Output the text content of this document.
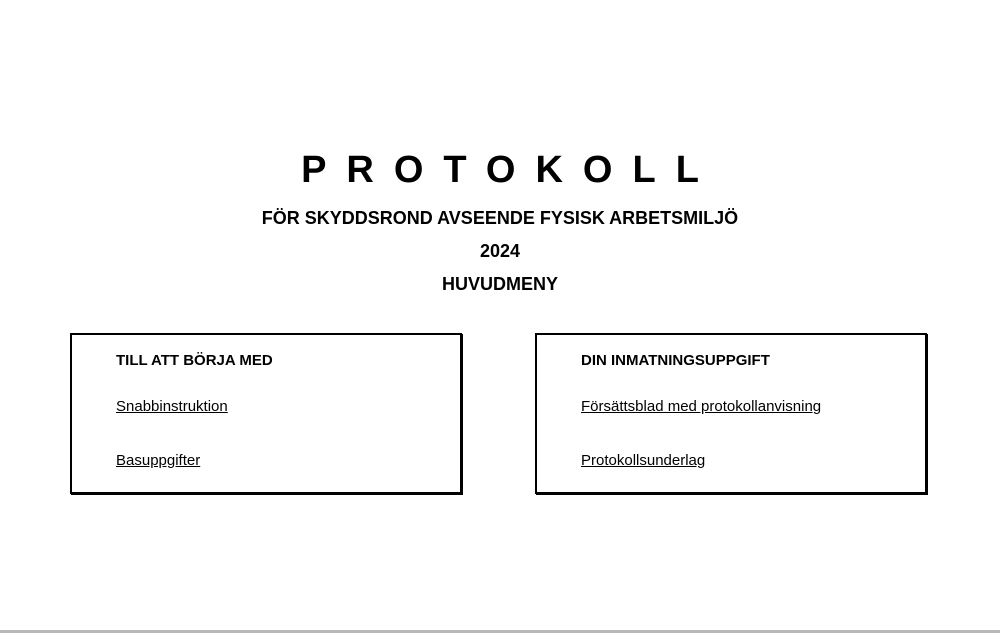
PROTOKOLL
FÖR SKYDDSROND AVSEENDE FYSISK ARBETSMILJÖ
2024
HUVUDMENY
TILL ATT BÖRJA MED
Snabbinstruktion
Basuppgifter
DIN INMATNINGSUPPGIFT
Försättsblad med protokollanvisning
Protokollsunderlag
